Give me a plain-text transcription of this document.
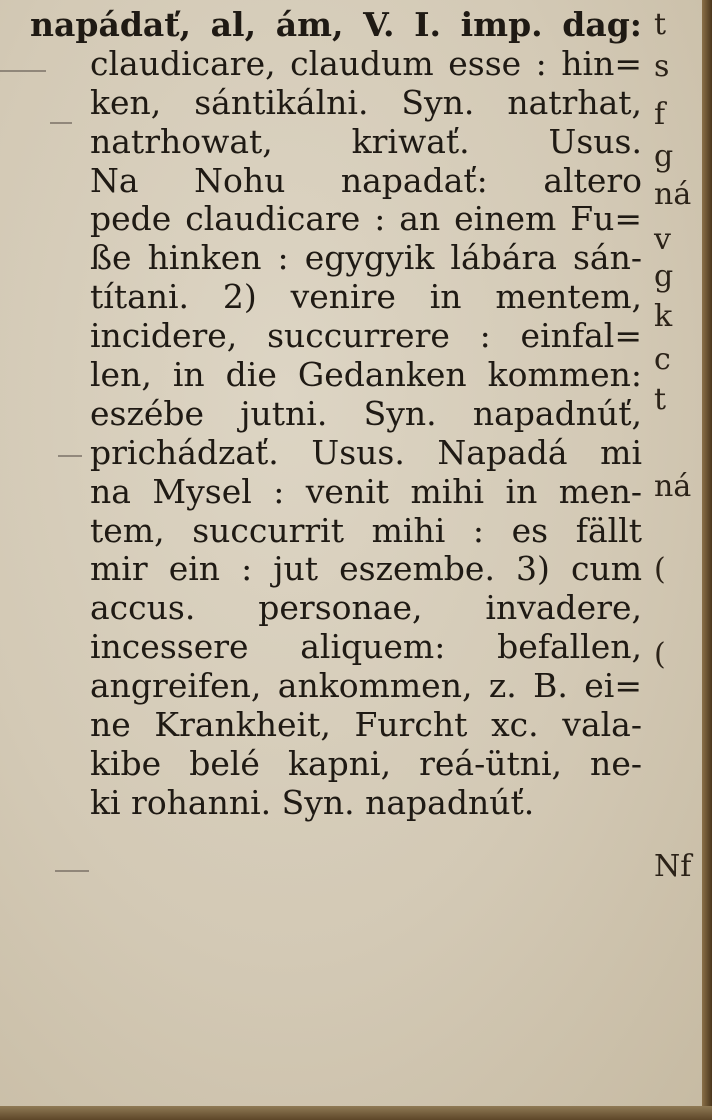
napádať, al, ám, V. I. imp. dag:
claudicare, claudum esse : hin=
ken, sántikálni. Syn. natrhat,
natrhowat, kriwať. Usus.
Na Nohu napadať: altero
pede claudicare : an einem Fu=
ße hinken : egygyik lábára sán-
títani. 2) venire in mentem,
incidere, succurrere : einfal=
len, in die Gedanken kommen:
eszébe jutni. Syn. napadnúť,
prichádzať. Usus. Napadá mi
na Mysel : venit mihi in men-
tem, succurrit mihi : es fällt
mir ein : jut eszembe. 3) cum
accus. personae, invadere,
incessere aliquem: befallen,
angreifen, ankommen, z. B. ei=
ne Krankheit, Furcht xc. vala-
kibe belé kapni, reá-ütni, ne-
ki rohanni. Syn. napadnúť.
t
s
f
g
ná
v
g
k
c
t
ná
(
(
Nf
